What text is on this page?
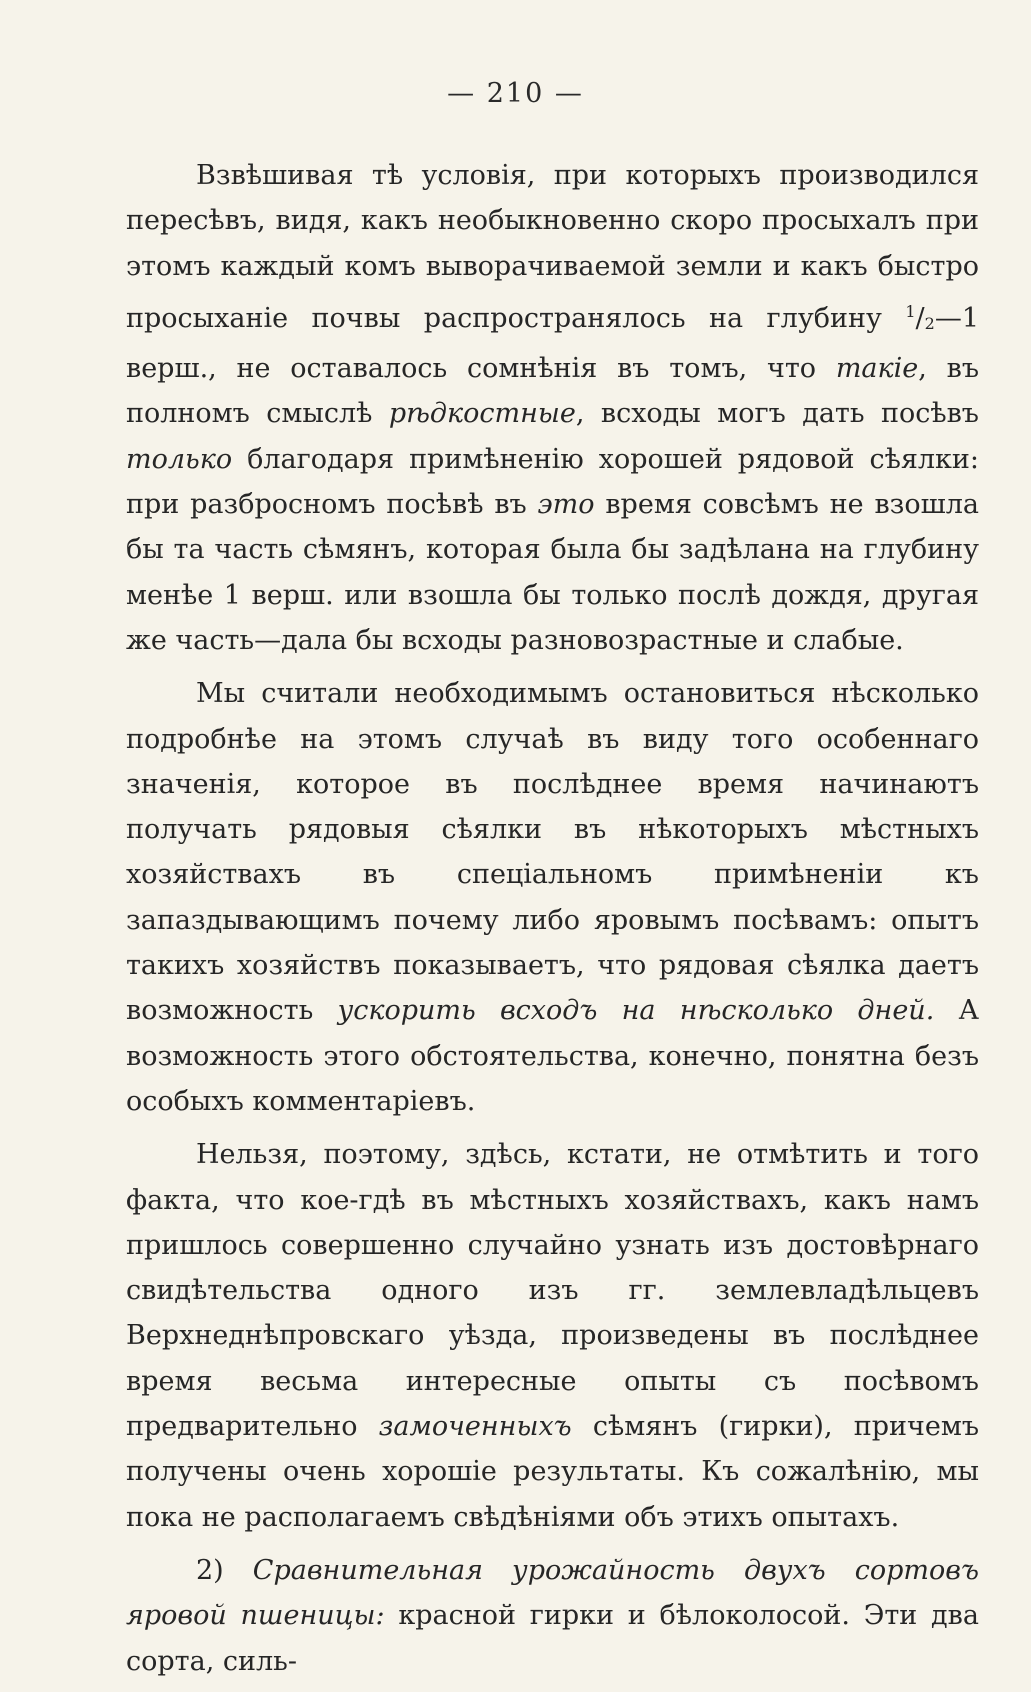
— 210 —

Взвѣшивая тѣ условія, при которыхъ производился пересѣвъ, видя, какъ необыкновенно скоро просыхалъ при этомъ каждый комъ выворачиваемой земли и какъ быстро просыханіе почвы распространялось на глубину $^1/_2—1$ верш., не оставалось сомнѣнія въ томъ, что такіе, въ полномъ смыслѣ рѣдкостные, всходы могъ дать посѣвъ только благодаря примѣненію хорошей рядовой сѣялки: при разбросномъ посѣвѣ въ это время совсѣмъ не взошла бы та часть сѣмянъ, которая была бы задѣлана на глубину менѣе 1 верш. или взошла бы только послѣ дождя, другая же часть—дала бы всходы разновозрастные и слабые.

Мы считали необходимымъ остановиться нѣсколько подробнѣе на этомъ случаѣ въ виду того особеннаго значенія, которое въ послѣднее время начинаютъ получать рядовыя сѣялки въ нѣкоторыхъ мѣстныхъ хозяйствахъ въ спеціальномъ примѣненіи къ запаздывающимъ почему либо яровымъ посѣвамъ: опытъ такихъ хозяйствъ показываетъ, что рядовая сѣялка даетъ возможность ускорить всходъ на нѣсколько дней. А возможность этого обстоятельства, конечно, понятна безъ особыхъ комментаріевъ.

Нельзя, поэтому, здѣсь, кстати, не отмѣтить и того факта, что кое-гдѣ въ мѣстныхъ хозяйствахъ, какъ намъ пришлось совершенно случайно узнать изъ достовѣрнаго свидѣтельства одного изъ гг. землевладѣльцевъ Верхнеднѣпровскаго уѣзда, произведены въ послѣднее время весьма интересные опыты съ посѣвомъ предварительно замоченныхъ сѣмянъ (гирки), причемъ получены очень хорошіе результаты. Къ сожалѣнію, мы пока не располагаемъ свѣдѣніями объ этихъ опытахъ.

2) Сравнительная урожайность двухъ сортовъ яровой пшеницы: красной гирки и бѣлоколосой. Эти два сорта, силь-
